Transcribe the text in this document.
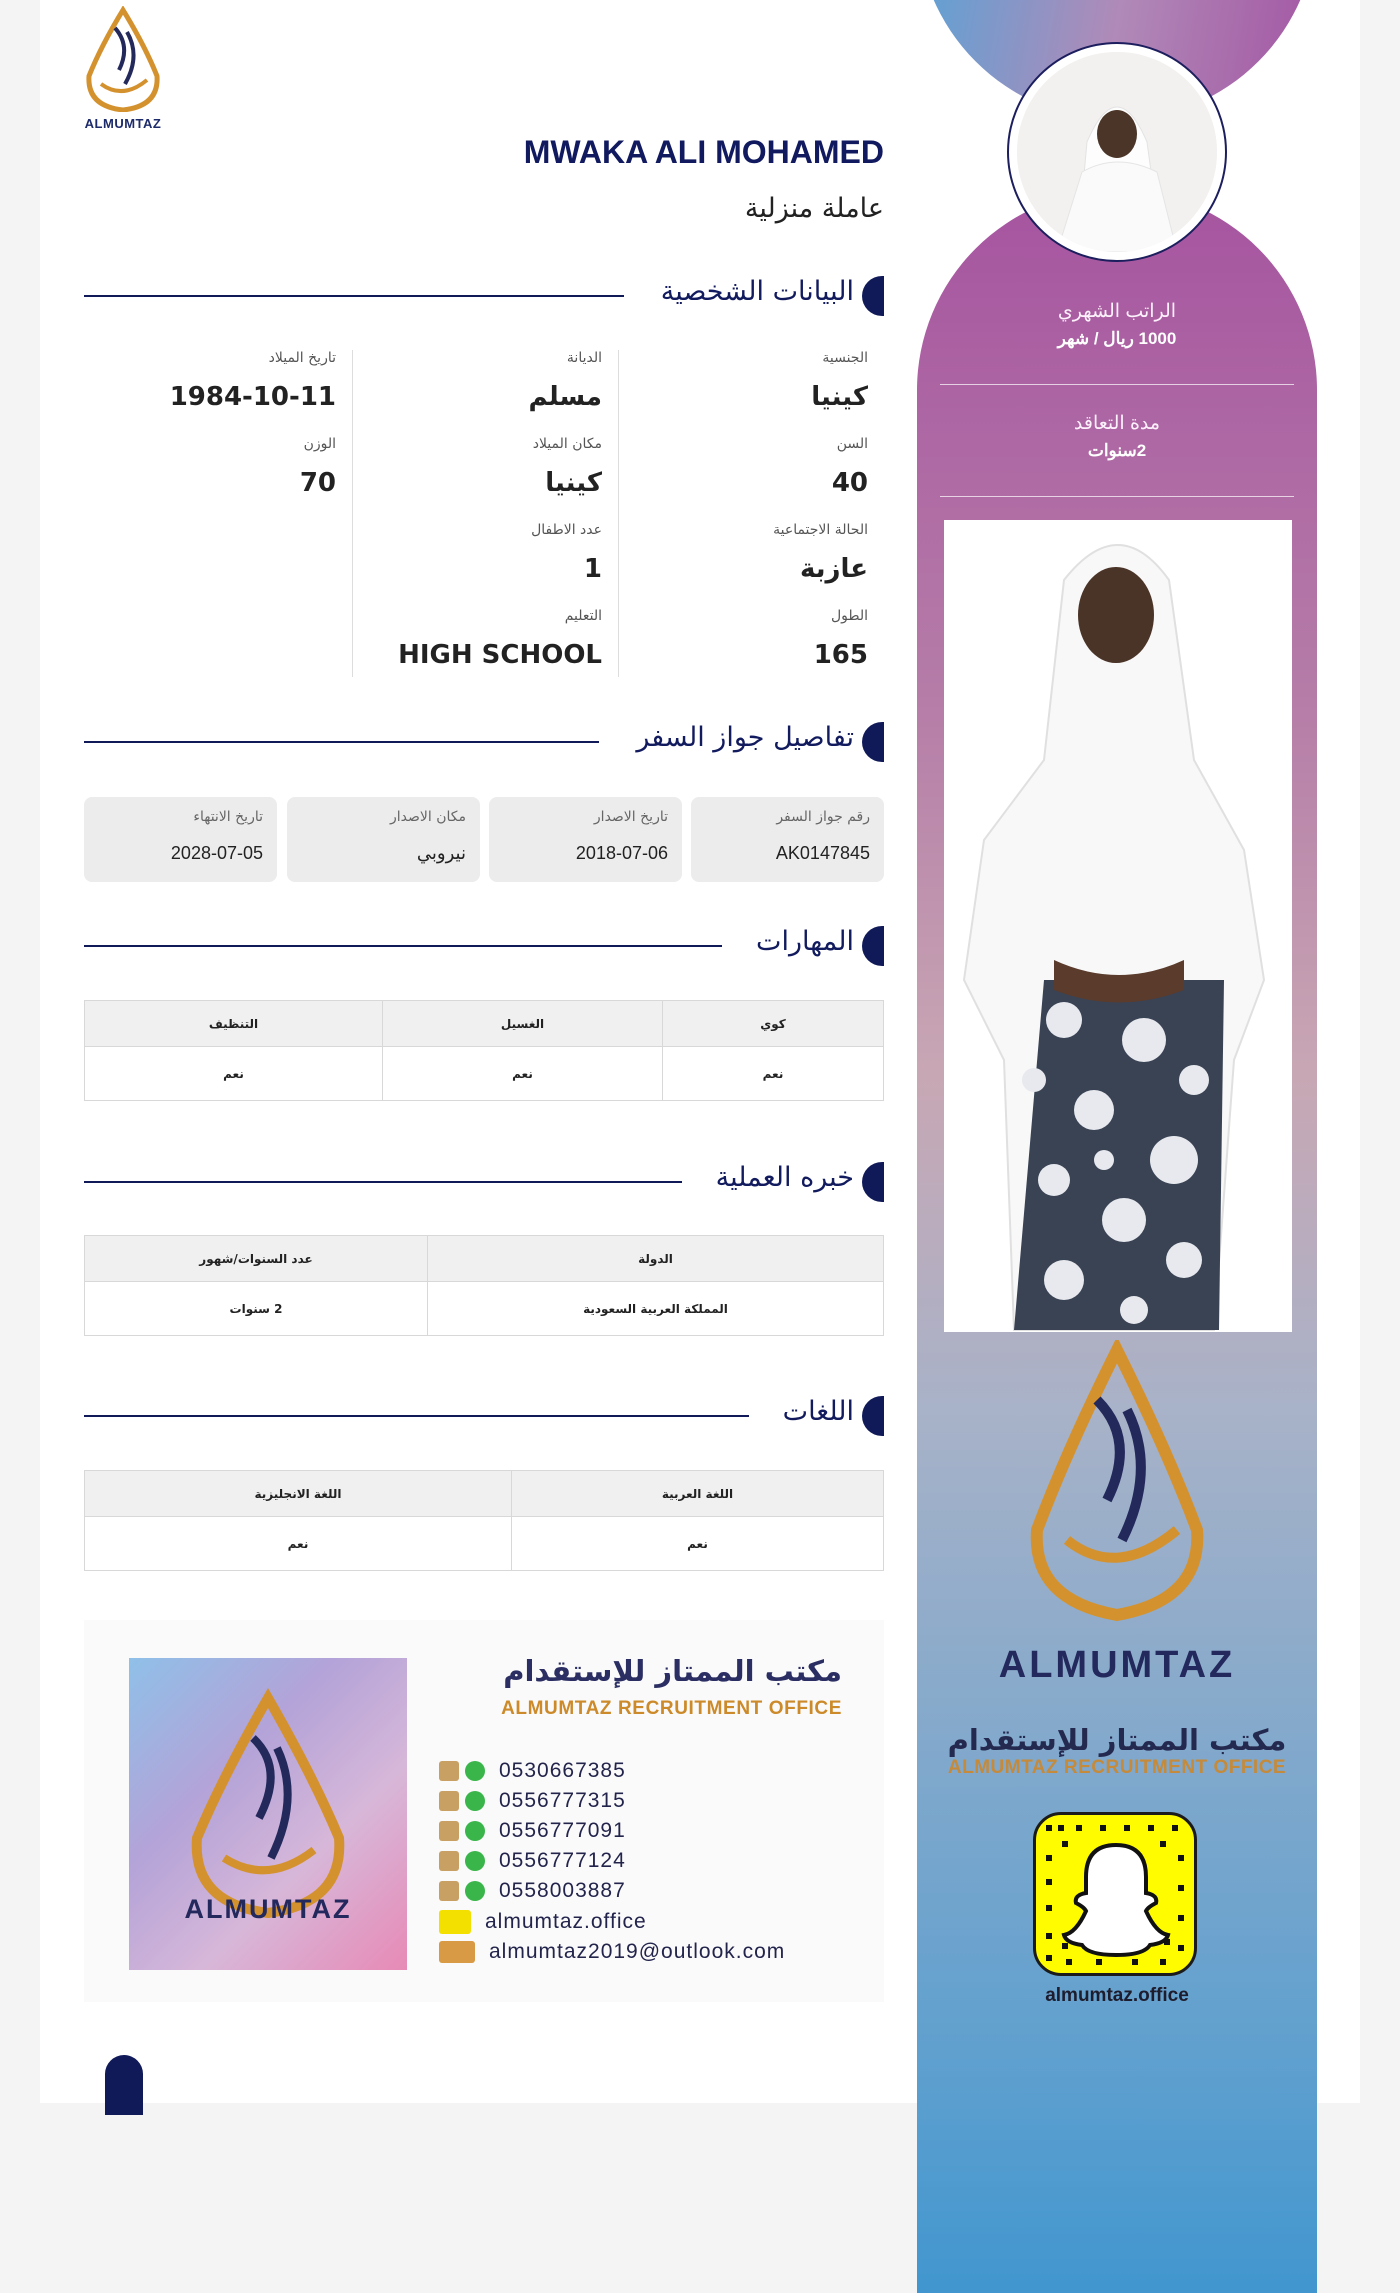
الراتب الشهري
1000 ريال / شهر
مدة التعاقد
2سنوات
ALMUMTAZ
مكتب الممتاز للإستقدام
ALMUMTAZ RECRUITMENT OFFICE
almumtaz.office
ALMUMTAZ
MWAKA ALI MOHAMED
عاملة منزلية
البيانات الشخصية
الجنسية
كينيا
السن
40
الحالة الاجتماعية
عازبة
الطول
165
الديانة
مسلم
مكان الميلاد
كينيا
عدد الاطفال
1
التعليم
HIGH SCHOOL
تاريخ الميلاد
1984-10-11
الوزن
70
تفاصيل جواز السفر
رقم جواز السفر
AK0147845
تاريخ الاصدار
2018-07-06
مكان الاصدار
نيروبي
تاريخ الانتهاء
2028-07-05
المهارات
كوي	الغسيل	التنظيف
نعم	نعم	نعم
خبره العملية
الدولة	عدد السنوات/شهور
المملكة العربية السعودية	2 سنوات
اللغات
اللغة العربية	اللغة الانجليزية
نعم	نعم
ALMUMTAZ
مكتب الممتاز للإستقدام
ALMUMTAZ RECRUITMENT OFFICE
0530667385
0556777315
0556777091
0556777124
0558003887
almumtaz.office
almumtaz2019@outlook.com
